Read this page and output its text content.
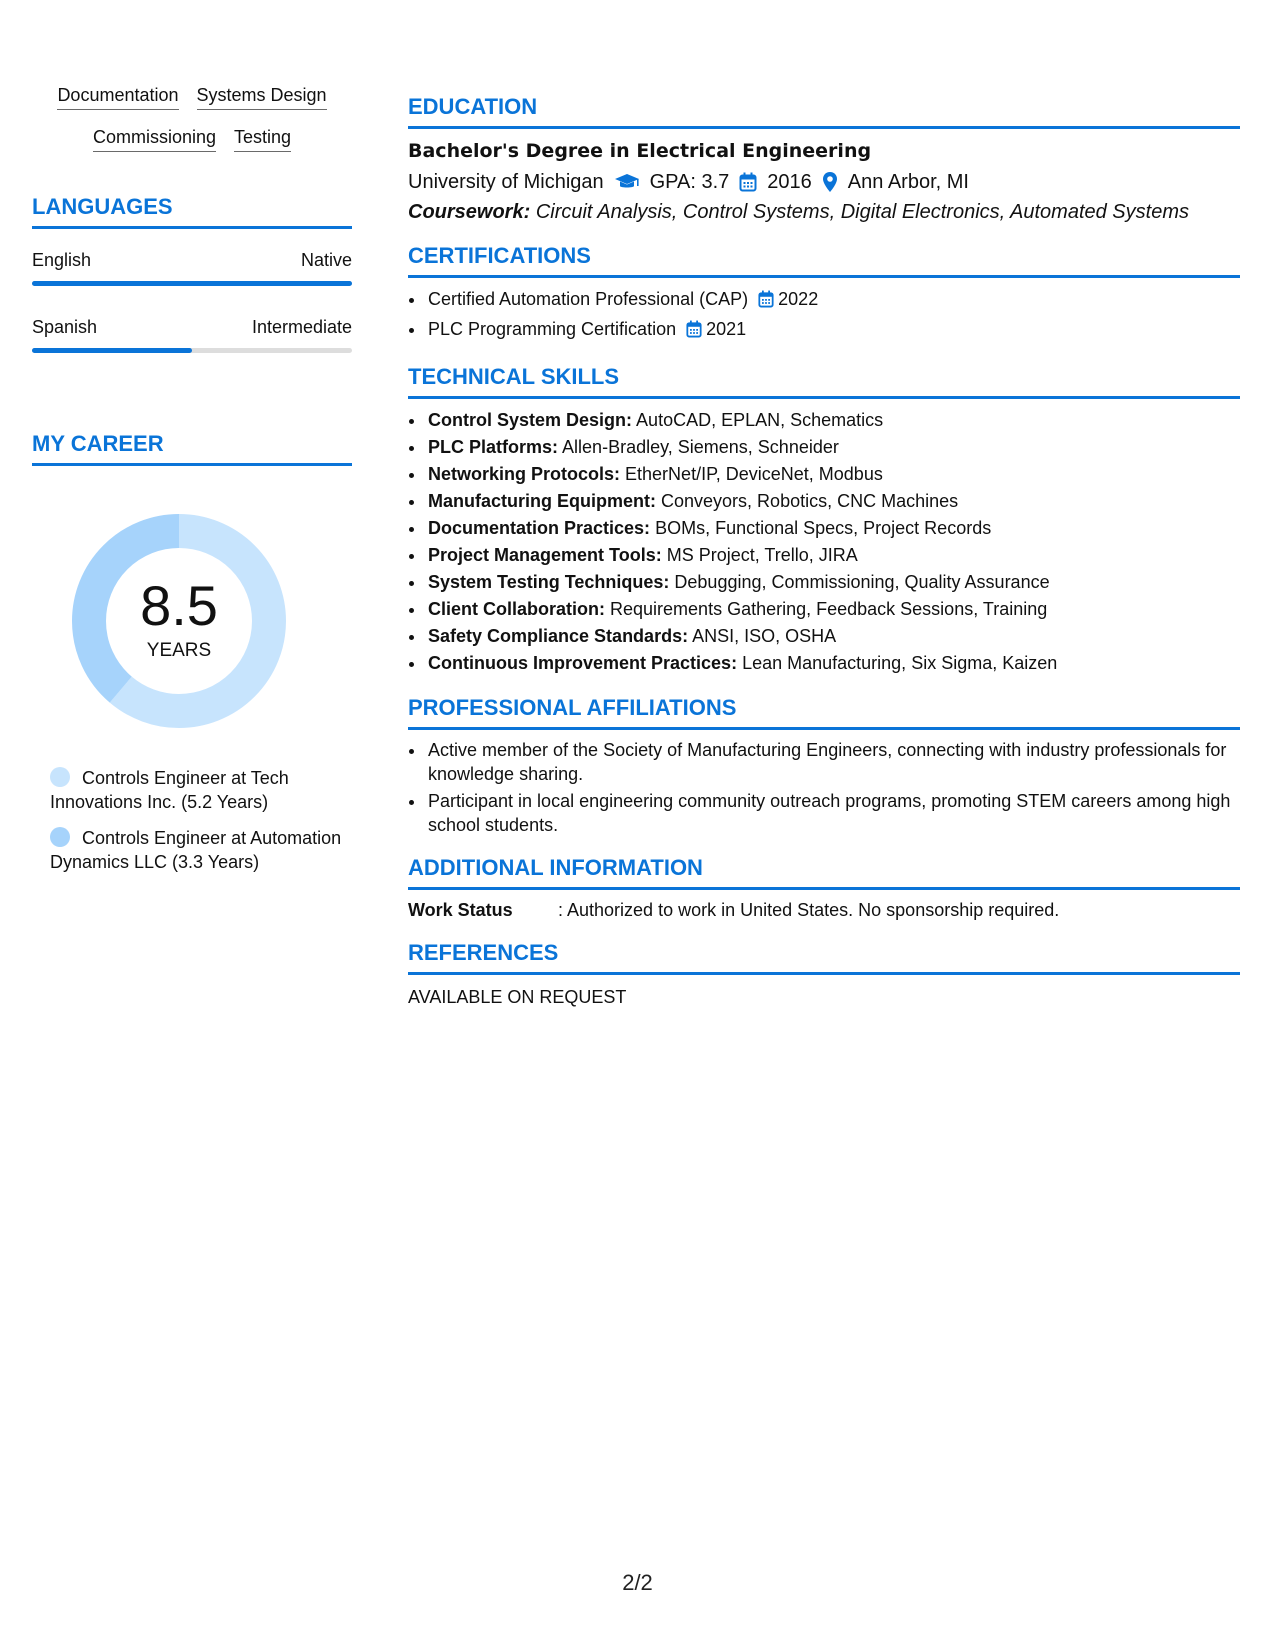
Documentation Systems Design
Commissioning Testing
LANGUAGES
English	Native
Spanish	Intermediate
MY CAREER
8.5
YEARS
Controls Engineer at Tech Innovations Inc. (5.2 Years)
Controls Engineer at Automation Dynamics LLC (3.3 Years)
EDUCATION
Bachelor's Degree in Electrical Engineering
University of Michigan GPA: 3.7 2016 Ann Arbor, MI
Coursework: Circuit Analysis, Control Systems, Digital Electronics, Automated Systems
CERTIFICATIONS
• Certified Automation Professional (CAP) 2022
• PLC Programming Certification 2021
TECHNICAL SKILLS
• Control System Design: AutoCAD, EPLAN, Schematics
• PLC Platforms: Allen-Bradley, Siemens, Schneider
• Networking Protocols: EtherNet/IP, DeviceNet, Modbus
• Manufacturing Equipment: Conveyors, Robotics, CNC Machines
• Documentation Practices: BOMs, Functional Specs, Project Records
• Project Management Tools: MS Project, Trello, JIRA
• System Testing Techniques: Debugging, Commissioning, Quality Assurance
• Client Collaboration: Requirements Gathering, Feedback Sessions, Training
• Safety Compliance Standards: ANSI, ISO, OSHA
• Continuous Improvement Practices: Lean Manufacturing, Six Sigma, Kaizen
PROFESSIONAL AFFILIATIONS
• Active member of the Society of Manufacturing Engineers, connecting with industry professionals for knowledge sharing.
• Participant in local engineering community outreach programs, promoting STEM careers among high school students.
ADDITIONAL INFORMATION
Work Status	: Authorized to work in United States. No sponsorship required.
REFERENCES
AVAILABLE ON REQUEST
2/2
